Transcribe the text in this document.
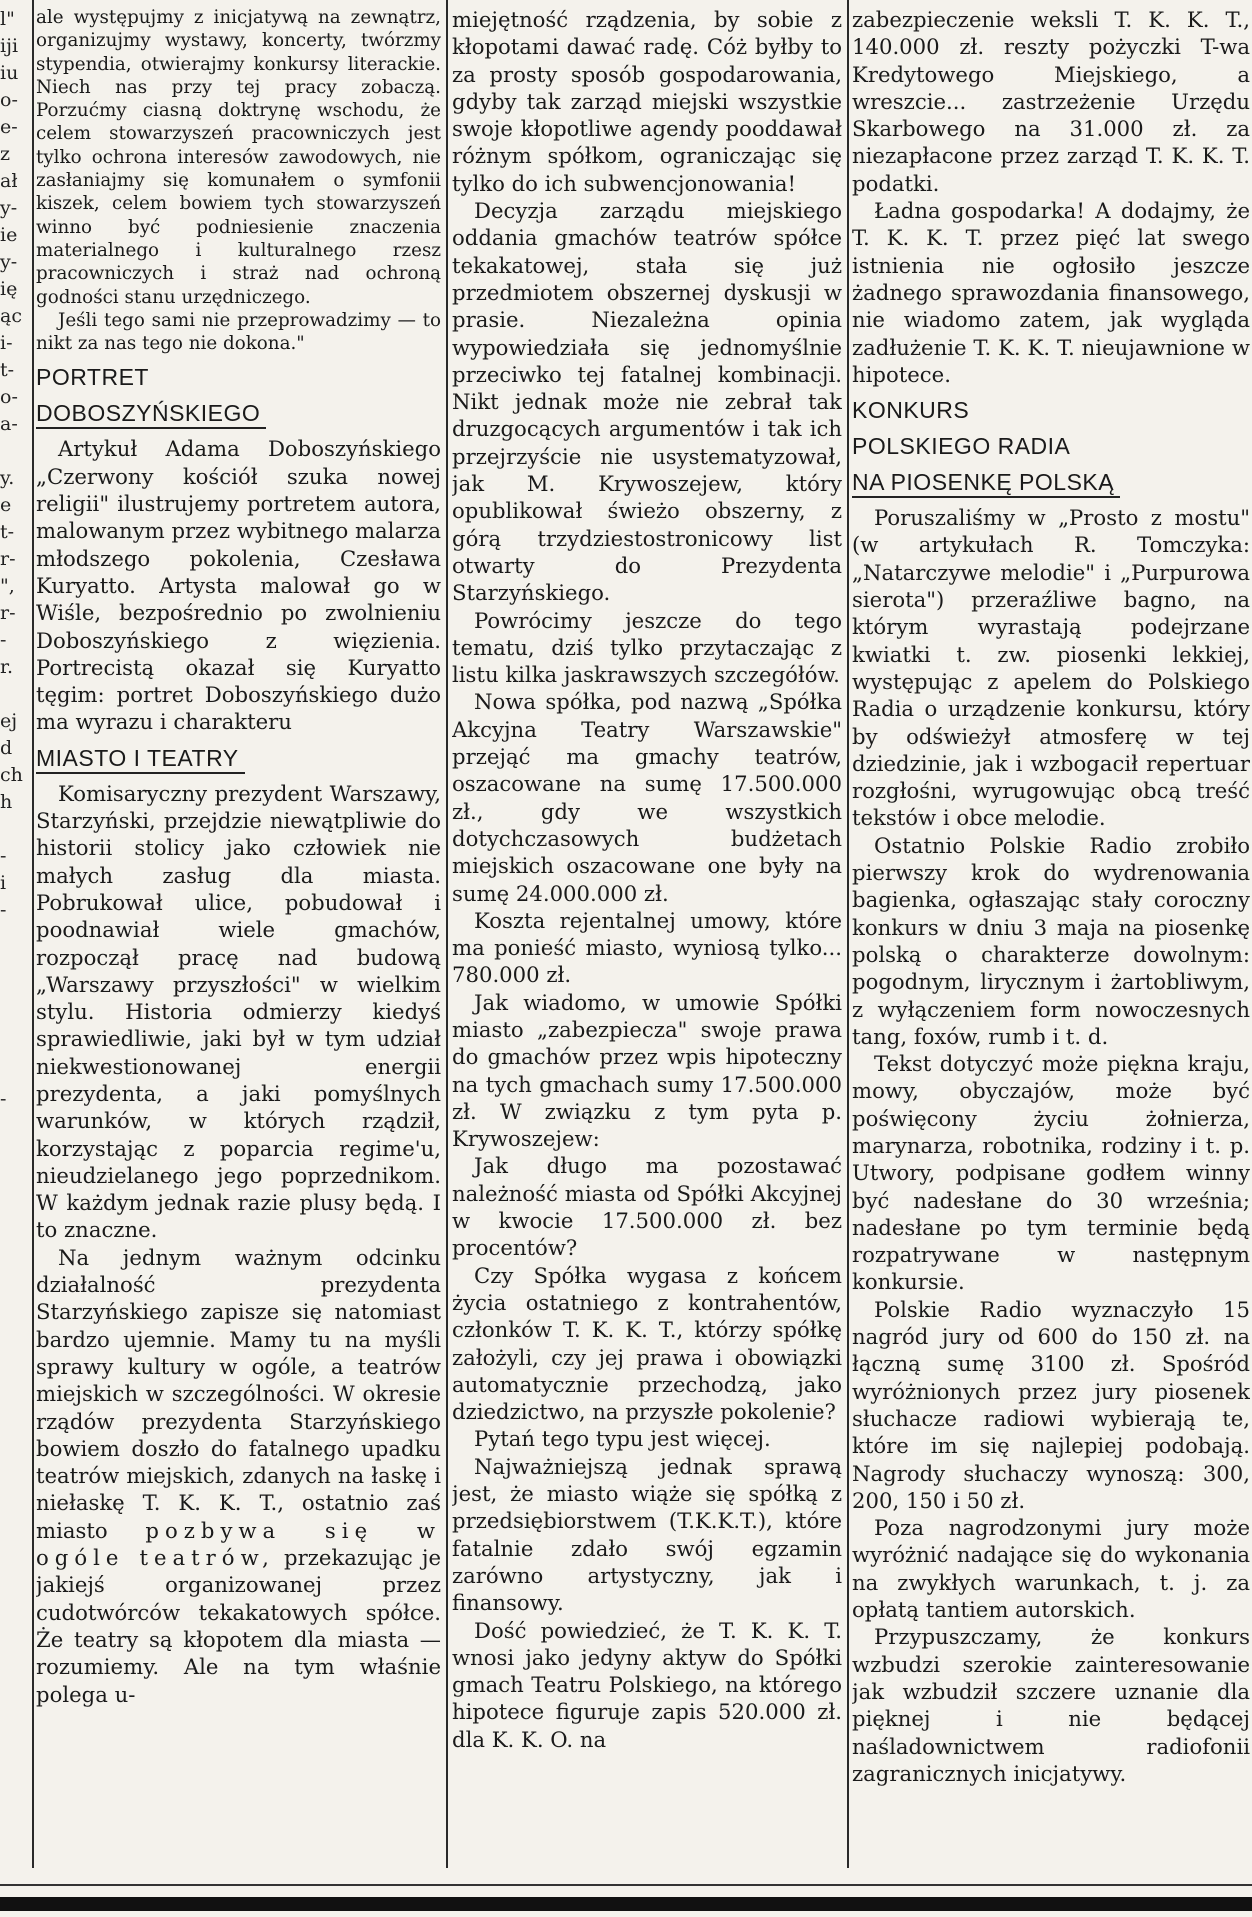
l"
iji
iu
o-
e-
z
ał
y-
ie
y-
ię
ąc
i-
t-
o-
a-

y.
e
t-
r-
",
r-
-
r.

ej
d
ch
h

-
i
-

-

ale występujmy z inicjatywą na zewnątrz, organizujmy wystawy, koncerty, twórzmy stypendia, otwierajmy konkursy literackie. Niech nas przy tej pracy zobaczą. Porzućmy ciasną doktrynę wschodu, że celem stowarzyszeń pracowniczych jest tylko ochrona interesów zawodowych, nie zasłaniajmy się komunałem o symfonii kiszek, celem bowiem tych stowarzyszeń winno być podniesienie znaczenia materialnego i kulturalnego rzesz pracowniczych i straż nad ochroną godności stanu urzędniczego.

Jeśli tego sami nie przeprowadzimy — to nikt za nas tego nie dokona."

PORTRET
DOBOSZYŃSKIEGO

Artykuł Adama Doboszyńskiego „Czerwony kościół szuka nowej religii" ilustrujemy portretem autora, malowanym przez wybitnego malarza młodszego pokolenia, Czesława Kuryatto. Artysta malował go w Wiśle, bezpośrednio po zwolnieniu Doboszyńskiego z więzienia. Portrecistą okazał się Kuryatto tęgim: portret Doboszyńskiego dużo ma wyrazu i charakteru

MIASTO I TEATRY

Komisaryczny prezydent Warszawy, Starzyński, przejdzie niewątpliwie do historii stolicy jako człowiek nie małych zasług dla miasta. Pobrukował ulice, pobudował i poodnawiał wiele gmachów, rozpoczął pracę nad budową „Warszawy przyszłości" w wielkim stylu. Historia odmierzy kiedyś sprawiedliwie, jaki był w tym udział niekwestionowanej energii prezydenta, a jaki pomyślnych warunków, w których rządził, korzystając z poparcia regime'u, nieudzielanego jego poprzednikom. W każdym jednak razie plusy będą. I to znaczne.

Na jednym ważnym odcinku działalność prezydenta Starzyńskiego zapisze się natomiast bardzo ujemnie. Mamy tu na myśli sprawy kultury w ogóle, a teatrów miejskich w szczególności. W okresie rządów prezydenta Starzyńskiego bowiem doszło do fatalnego upadku teatrów miejskich, zdanych na łaskę i niełaskę T. K. K. T., ostatnio zaś miasto pozbywa się w ogóle teatrów, przekazując je jakiejś organizowanej przez cudotwórców tekakatowych spółce. Że teatry są kłopotem dla miasta — rozumiemy. Ale na tym właśnie polega u-

miejętność rządzenia, by sobie z kłopotami dawać radę. Cóż byłby to za prosty sposób gospodarowania, gdyby tak zarząd miejski wszystkie swoje kłopotliwe agendy pooddawał różnym spółkom, ograniczając się tylko do ich subwencjonowania!

Decyzja zarządu miejskiego oddania gmachów teatrów spółce tekakatowej, stała się już przedmiotem obszernej dyskusji w prasie. Niezależna opinia wypowiedziała się jednomyślnie przeciwko tej fatalnej kombinacji. Nikt jednak może nie zebrał tak druzgocących argumentów i tak ich przejrzyście nie usystematyzował, jak M. Krywoszejew, który opublikował świeżo obszerny, z górą trzydziestostronicowy list otwarty do Prezydenta Starzyńskiego.

Powrócimy jeszcze do tego tematu, dziś tylko przytaczając z listu kilka jaskrawszych szczegółów.

Nowa spółka, pod nazwą „Spółka Akcyjna Teatry Warszawskie" przejąć ma gmachy teatrów, oszacowane na sumę 17.500.000 zł., gdy we wszystkich dotychczasowych budżetach miejskich oszacowane one były na sumę 24.000.000 zł.

Koszta rejentalnej umowy, które ma ponieść miasto, wyniosą tylko... 780.000 zł.

Jak wiadomo, w umowie Spółki miasto „zabezpiecza" swoje prawa do gmachów przez wpis hipoteczny na tych gmachach sumy 17.500.000 zł. W związku z tym pyta p. Krywoszejew:

Jak długo ma pozostawać należność miasta od Spółki Akcyjnej w kwocie 17.500.000 zł. bez procentów?

Czy Spółka wygasa z końcem życia ostatniego z kontrahentów, członków T. K. K. T., którzy spółkę założyli, czy jej prawa i obowiązki automatycznie przechodzą, jako dziedzictwo, na przyszłe pokolenie?

Pytań tego typu jest więcej.

Najważniejszą jednak sprawą jest, że miasto wiąże się spółką z przedsiębiorstwem (T.K.K.T.), które fatalnie zdało swój egzamin zarówno artystyczny, jak i finansowy.

Dość powiedzieć, że T. K. K. T. wnosi jako jedyny aktyw do Spółki gmach Teatru Polskiego, na którego hipotece figuruje zapis 520.000 zł. dla K. K. O. na

zabezpieczenie weksli T. K. K. T., 140.000 zł. reszty pożyczki T-wa Kredytowego Miejskiego, a wreszcie... zastrzeżenie Urzędu Skarbowego na 31.000 zł. za niezapłacone przez zarząd T. K. K. T. podatki.

Ładna gospodarka! A dodajmy, że T. K. K. T. przez pięć lat swego istnienia nie ogłosiło jeszcze żadnego sprawozdania finansowego, nie wiadomo zatem, jak wygląda zadłużenie T. K. K. T. nieujawnione w hipotece.

KONKURS
POLSKIEGO RADIA
NA PIOSENKĘ POLSKĄ

Poruszaliśmy w „Prosto z mostu" (w artykułach R. Tomczyka: „Natarczywe melodie" i „Purpurowa sierota") przeraźliwe bagno, na którym wyrastają podejrzane kwiatki t. zw. piosenki lekkiej, występując z apelem do Polskiego Radia o urządzenie konkursu, który by odświeżył atmosferę w tej dziedzinie, jak i wzbogacił repertuar rozgłośni, wyrugowując obcą treść tekstów i obce melodie.

Ostatnio Polskie Radio zrobiło pierwszy krok do wydrenowania bagienka, ogłaszając stały coroczny konkurs w dniu 3 maja na piosenkę polską o charakterze dowolnym: pogodnym, lirycznym i żartobliwym, z wyłączeniem form nowoczesnych tang, foxów, rumb i t. d.

Tekst dotyczyć może piękna kraju, mowy, obyczajów, może być poświęcony życiu żołnierza, marynarza, robotnika, rodziny i t. p. Utwory, podpisane godłem winny być nadesłane do 30 września; nadesłane po tym terminie będą rozpatrywane w następnym konkursie.

Polskie Radio wyznaczyło 15 nagród jury od 600 do 150 zł. na łączną sumę 3100 zł. Spośród wyróżnionych przez jury piosenek słuchacze radiowi wybierają te, które im się najlepiej podobają. Nagrody słuchaczy wynoszą: 300, 200, 150 i 50 zł.

Poza nagrodzonymi jury może wyróżnić nadające się do wykonania na zwykłych warunkach, t. j. za opłatą tantiem autorskich.

Przypuszczamy, że konkurs wzbudzi szerokie zainteresowanie jak wzbudził szczere uznanie dla pięknej i nie będącej naśladownictwem radiofonii zagranicznych inicjatywy.
